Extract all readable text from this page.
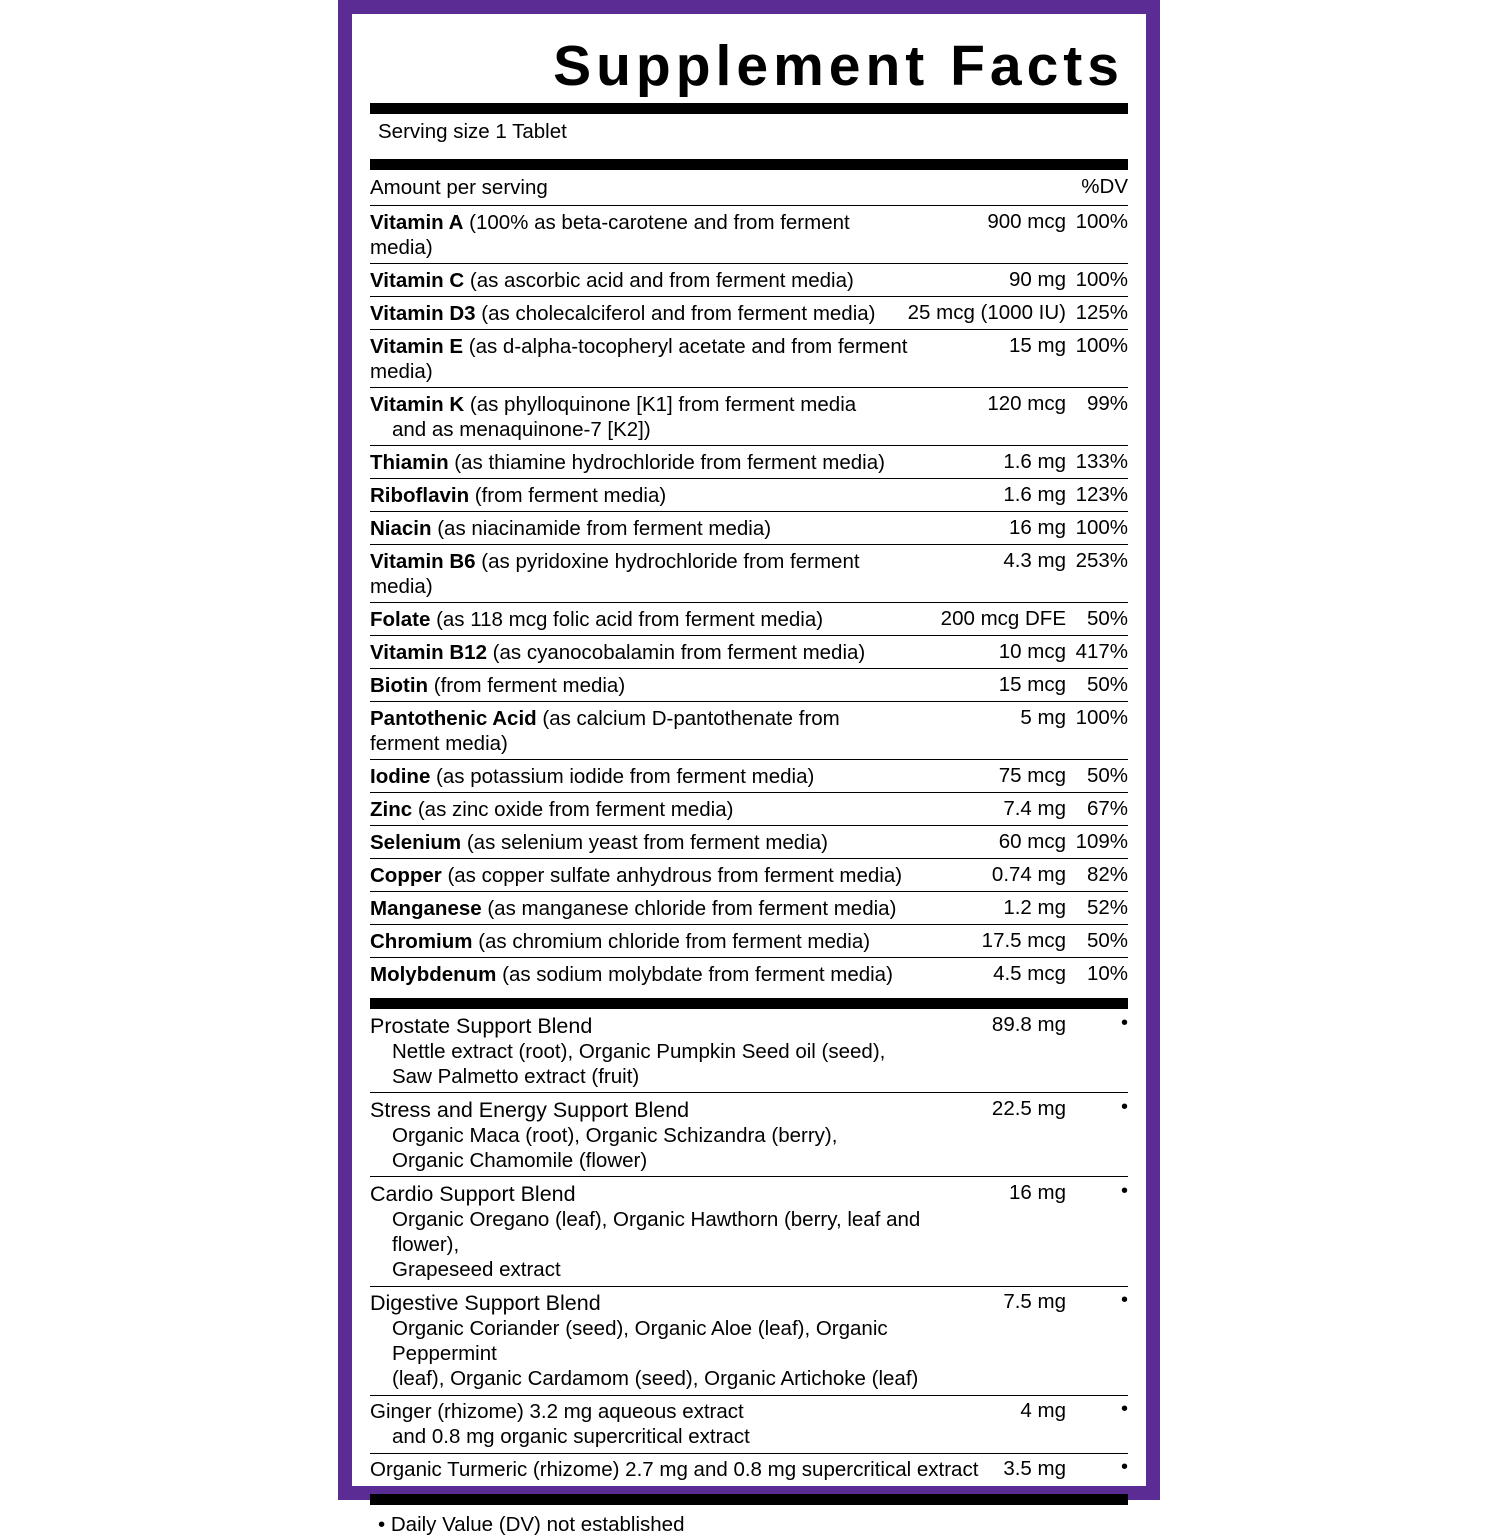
Supplement Facts
Serving size 1 Tablet
Amount per serving		%DV
Vitamin A (100% as beta-carotene and from ferment media)	900 mcg	100%
Vitamin C (as ascorbic acid and from ferment media)	90 mg	100%
Vitamin D3 (as cholecalciferol and from ferment media)	25 mcg (1000 IU)	125%
Vitamin E (as d-alpha-tocopheryl acetate and from ferment media)	15 mg	100%
Vitamin K (as phylloquinone [K1] from ferment media
and as menaquinone-7 [K2])	120 mcg	99%
Thiamin (as thiamine hydrochloride from ferment media)	1.6 mg	133%
Riboflavin (from ferment media)	1.6 mg	123%
Niacin (as niacinamide from ferment media)	16 mg	100%
Vitamin B6 (as pyridoxine hydrochloride from ferment media)	4.3 mg	253%
Folate (as 118 mcg folic acid from ferment media)	200 mcg DFE	50%
Vitamin B12 (as cyanocobalamin from ferment media)	10 mcg	417%
Biotin (from ferment media)	15 mcg	50%
Pantothenic Acid (as calcium D-pantothenate from ferment media)	5 mg	100%
Iodine (as potassium iodide from ferment media)	75 mcg	50%
Zinc (as zinc oxide from ferment media)	7.4 mg	67%
Selenium (as selenium yeast from ferment media)	60 mcg	109%
Copper (as copper sulfate anhydrous from ferment media)	0.74 mg	82%
Manganese (as manganese chloride from ferment media)	1.2 mg	52%
Chromium (as chromium chloride from ferment media)	17.5 mcg	50%
Molybdenum (as sodium molybdate from ferment media)	4.5 mcg	10%
Prostate Support Blend
Nettle extract (root), Organic Pumpkin Seed oil (seed),
Saw Palmetto extract (fruit)	89.8 mg	•
Stress and Energy Support Blend
Organic Maca (root), Organic Schizandra (berry),
Organic Chamomile (flower)	22.5 mg	•
Cardio Support Blend
Organic Oregano (leaf), Organic Hawthorn (berry, leaf and flower),
Grapeseed extract	16 mg	•
Digestive Support Blend
Organic Coriander (seed), Organic Aloe (leaf), Organic Peppermint
(leaf), Organic Cardamom (seed), Organic Artichoke (leaf)	7.5 mg	•
Ginger (rhizome) 3.2 mg aqueous extract
and 0.8 mg organic supercritical extract	4 mg	•
Organic Turmeric (rhizome) 2.7 mg and 0.8 mg supercritical extract	3.5 mg	•
• Daily Value (DV) not established
